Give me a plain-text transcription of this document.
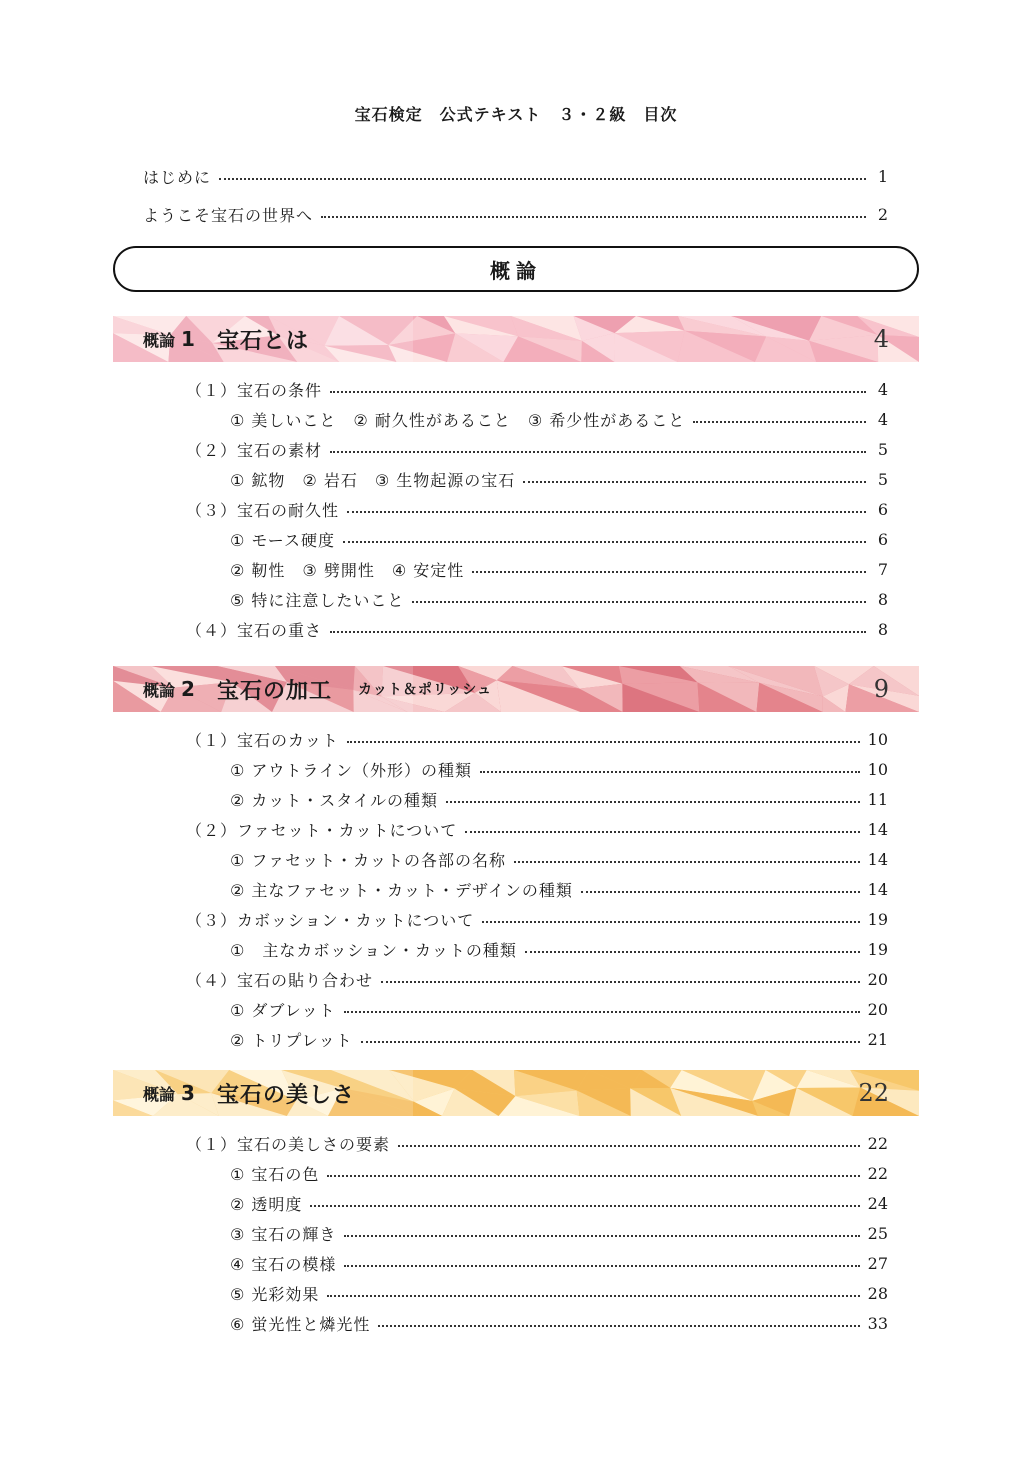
宝石検定　公式テキスト　３・２級　目次
はじめに	1
ようこそ宝石の世界へ	2
概論
概論 1 宝石とは	4
（１）宝石の条件	4
① 美しいこと　② 耐久性があること　③ 希少性があること	4
（２）宝石の素材	5
① 鉱物　② 岩石　③ 生物起源の宝石	5
（３）宝石の耐久性	6
① モース硬度	6
② 靭性　③ 劈開性　④ 安定性	7
⑤ 特に注意したいこと	8
（４）宝石の重さ	8
概論 2 宝石の加工 カット＆ポリッシュ	9
（１）宝石のカット	10
① アウトライン（外形）の種類	10
② カット・スタイルの種類	11
（２）ファセット・カットについて	14
① ファセット・カットの各部の名称	14
② 主なファセット・カット・デザインの種類	14
（３）カボッション・カットについて	19
①　主なカボッション・カットの種類	19
（４）宝石の貼り合わせ	20
① ダブレット	20
② トリプレット	21
概論 3 宝石の美しさ	22
（１）宝石の美しさの要素	22
① 宝石の色	22
② 透明度	24
③ 宝石の輝き	25
④ 宝石の模様	27
⑤ 光彩効果	28
⑥ 蛍光性と燐光性	33
